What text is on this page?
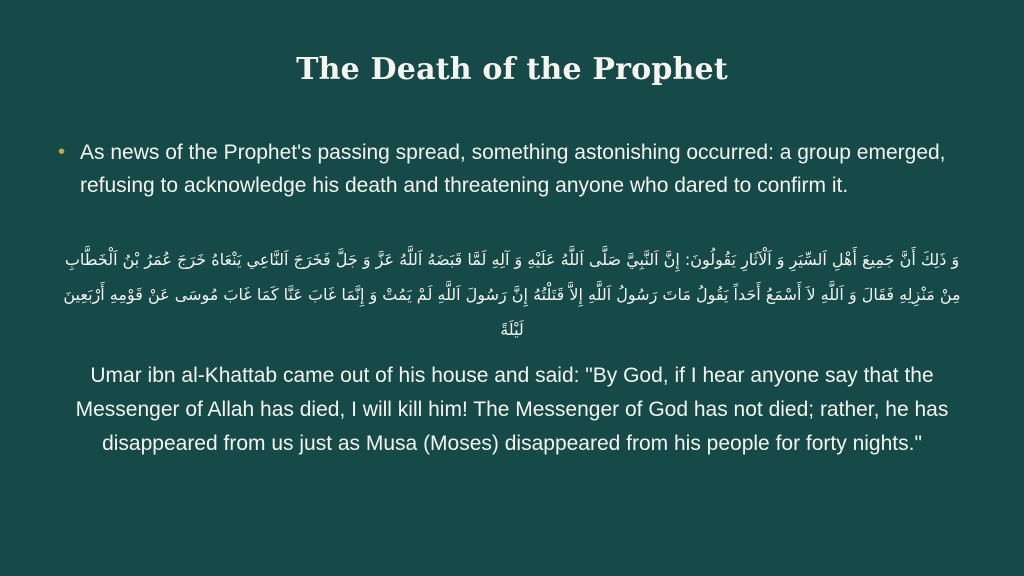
The Death of the Prophet
• As news of the Prophet's passing spread, something astonishing occurred: a group emerged, refusing to acknowledge his death and threatening anyone who dared to confirm it.

وَ ذَلِكَ أَنَّ جَمِيعَ أَهْلِ اَلسِّيَرِ وَ اَلْآثَارِ يَقُولُونَ: إِنَّ اَلنَّبِيَّ صَلَّى اَللَّهُ عَلَيْهِ وَ آلِهِ لَمَّا قَبَضَهُ اَللَّهُ عَزَّ وَ جَلَّ فَخَرَجَ اَلنَّاعِي يَنْعَاهُ خَرَجَ عُمَرُ بْنُ اَلْخَطَّابِ مِنْ مَنْزِلِهِ فَقَالَ وَ اَللَّهِ لاَ أَسْمَعُ أَحَداً يَقُولُ مَاتَ رَسُولُ اَللَّهِ إِلاَّ قَتَلْتُهُ إِنَّ رَسُولَ اَللَّهِ لَمْ يَمُتْ وَ إِنَّمَا غَابَ عَنَّا كَمَا غَابَ مُوسَى عَنْ قَوْمِهِ أَرْبَعِينَ لَيْلَةً

Umar ibn al-Khattab came out of his house and said: "By God, if I hear anyone say that the Messenger of Allah has died, I will kill him! The Messenger of God has not died; rather, he has disappeared from us just as Musa (Moses) disappeared from his people for forty nights."
